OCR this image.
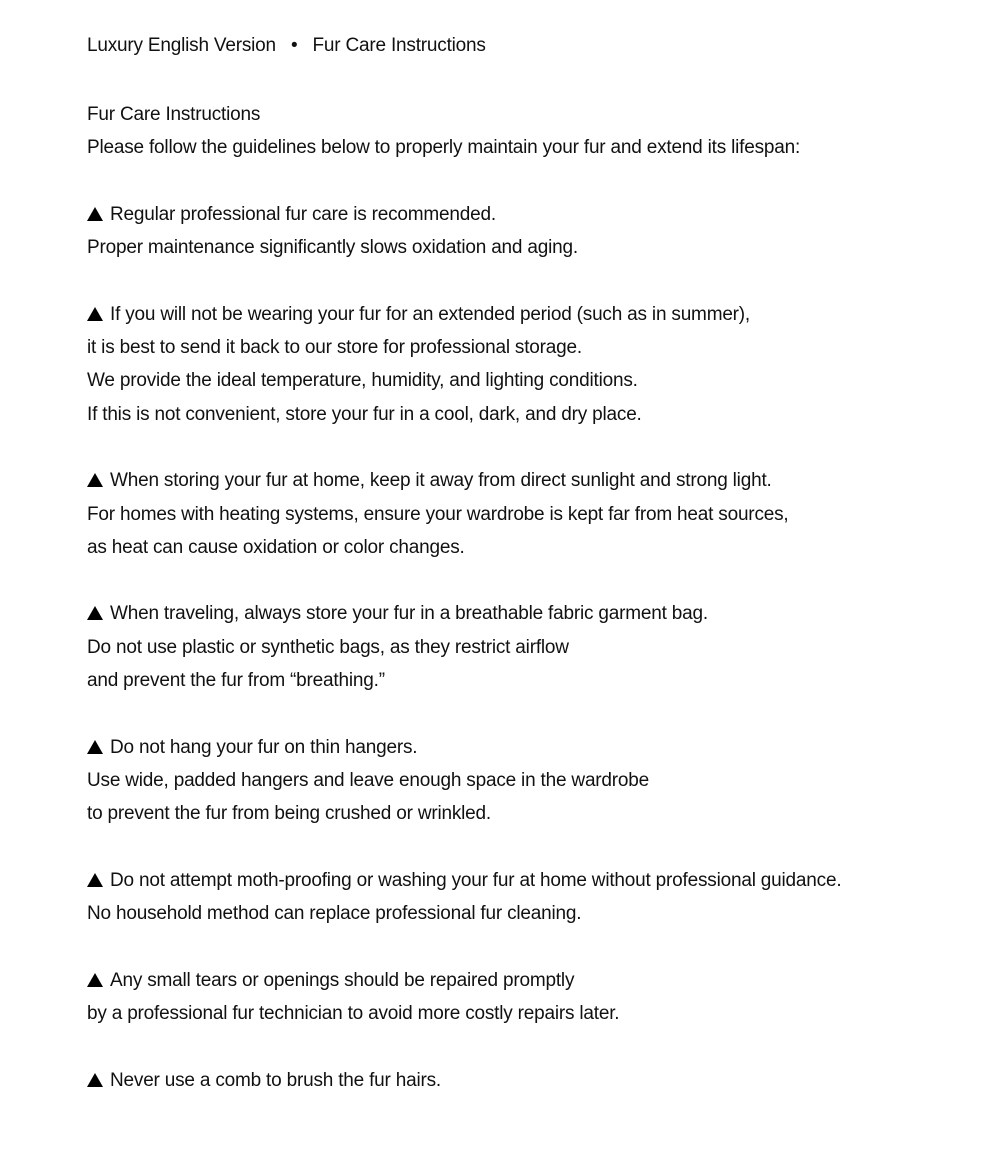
Luxury English Version • Fur Care Instructions
Fur Care Instructions
Please follow the guidelines below to properly maintain your fur and extend its lifespan:
Regular professional fur care is recommended.
Proper maintenance significantly slows oxidation and aging.
If you will not be wearing your fur for an extended period (such as in summer),
it is best to send it back to our store for professional storage.
We provide the ideal temperature, humidity, and lighting conditions.
If this is not convenient, store your fur in a cool, dark, and dry place.
When storing your fur at home, keep it away from direct sunlight and strong light.
For homes with heating systems, ensure your wardrobe is kept far from heat sources,
as heat can cause oxidation or color changes.
When traveling, always store your fur in a breathable fabric garment bag.
Do not use plastic or synthetic bags, as they restrict airflow
and prevent the fur from “breathing.”
Do not hang your fur on thin hangers.
Use wide, padded hangers and leave enough space in the wardrobe
to prevent the fur from being crushed or wrinkled.
Do not attempt moth-proofing or washing your fur at home without professional guidance.
No household method can replace professional fur cleaning.
Any small tears or openings should be repaired promptly
by a professional fur technician to avoid more costly repairs later.
Never use a comb to brush the fur hairs.
